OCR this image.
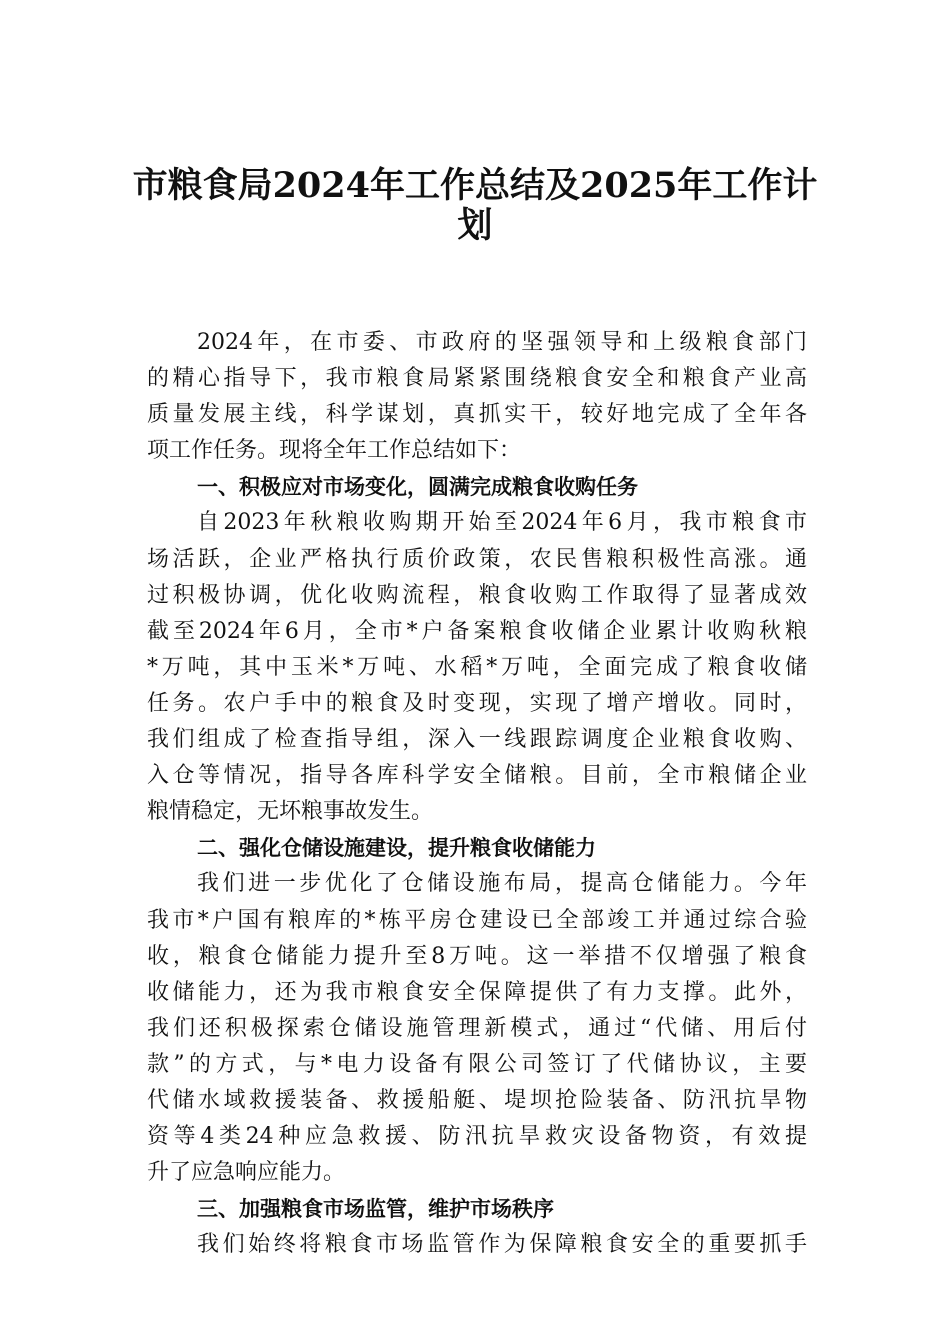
市粮食局2024年工作总结及2025年工作计
划
2024年，在市委、市政府的坚强领导和上级粮食部门
的精心指导下，我市粮食局紧紧围绕粮食安全和粮食产业高
质量发展主线，科学谋划，真抓实干，较好地完成了全年各
项工作任务。现将全年工作总结如下：
一、积极应对市场变化，圆满完成粮食收购任务
自2023年秋粮收购期开始至2024年6月，我市粮食市
场活跃，企业严格执行质价政策，农民售粮积极性高涨。通
过积极协调，优化收购流程，粮食收购工作取得了显著成效
截至2024年6月，全市*户备案粮食收储企业累计收购秋粮
*万吨，其中玉米*万吨、水稻*万吨，全面完成了粮食收储
任务。农户手中的粮食及时变现，实现了增产增收。同时，
我们组成了检查指导组，深入一线跟踪调度企业粮食收购、
入仓等情况，指导各库科学安全储粮。目前，全市粮储企业
粮情稳定，无坏粮事故发生。
二、强化仓储设施建设，提升粮食收储能力
我们进一步优化了仓储设施布局，提高仓储能力。今年
我市*户国有粮库的*栋平房仓建设已全部竣工并通过综合验
收，粮食仓储能力提升至8万吨。这一举措不仅增强了粮食
收储能力，还为我市粮食安全保障提供了有力支撑。此外，
我们还积极探索仓储设施管理新模式，通过“代储、用后付
款”的方式，与*电力设备有限公司签订了代储协议，主要
代储水域救援装备、救援船艇、堤坝抢险装备、防汛抗旱物
资等4类24种应急救援、防汛抗旱救灾设备物资，有效提
升了应急响应能力。
三、加强粮食市场监管，维护市场秩序
我们始终将粮食市场监管作为保障粮食安全的重要抓手
